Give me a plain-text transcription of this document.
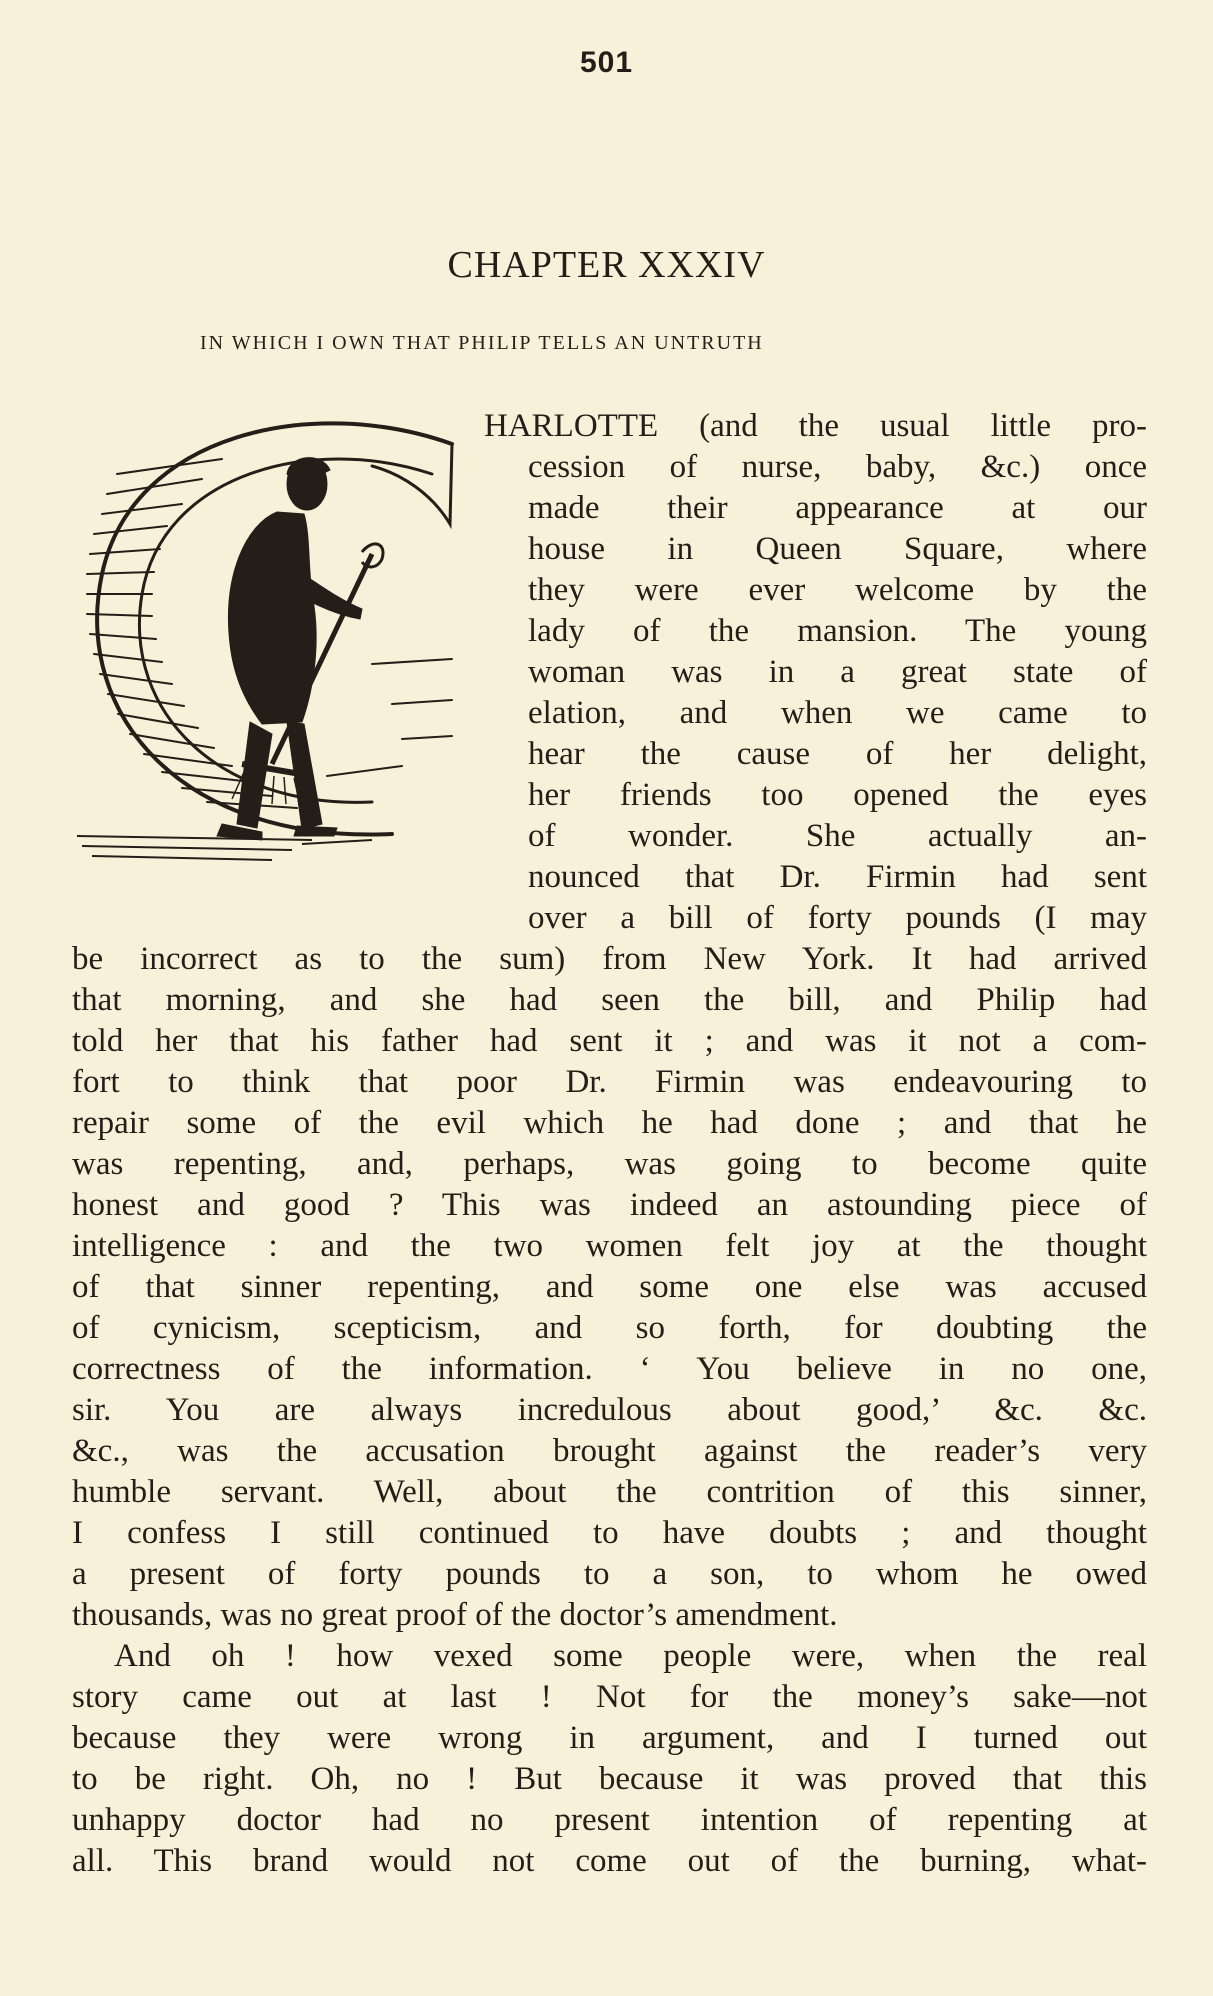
501
CHAPTER XXXIV
IN WHICH I OWN THAT PHILIP TELLS AN UNTRUTH
HARLOTTE (and the usual little pro-
cession of nurse, baby, &c.) once
made their appearance at our
house in Queen Square, where
they were ever welcome by the
lady of the mansion. The young
woman was in a great state of
elation, and when we came to
hear the cause of her delight,
her friends too opened the eyes
of wonder. She actually an-
nounced that Dr. Firmin had sent
over a bill of forty pounds (I may
be incorrect as to the sum) from New York. It had arrived
that morning, and she had seen the bill, and Philip had
told her that his father had sent it ; and was it not a com-
fort to think that poor Dr. Firmin was endeavouring to
repair some of the evil which he had done ; and that he
was repenting, and, perhaps, was going to become quite
honest and good ? This was indeed an astounding piece of
intelligence : and the two women felt joy at the thought
of that sinner repenting, and some one else was accused
of cynicism, scepticism, and so forth, for doubting the
correctness of the information. ‘ You believe in no one,
sir. You are always incredulous about good,’ &c. &c.
&c., was the accusation brought against the reader’s very
humble servant. Well, about the contrition of this sinner,
I confess I still continued to have doubts ; and thought
a present of forty pounds to a son, to whom he owed
thousands, was no great proof of the doctor’s amendment.
And oh ! how vexed some people were, when the real
story came out at last ! Not for the money’s sake—not
because they were wrong in argument, and I turned out
to be right. Oh, no ! But because it was proved that this
unhappy doctor had no present intention of repenting at
all. This brand would not come out of the burning, what-
